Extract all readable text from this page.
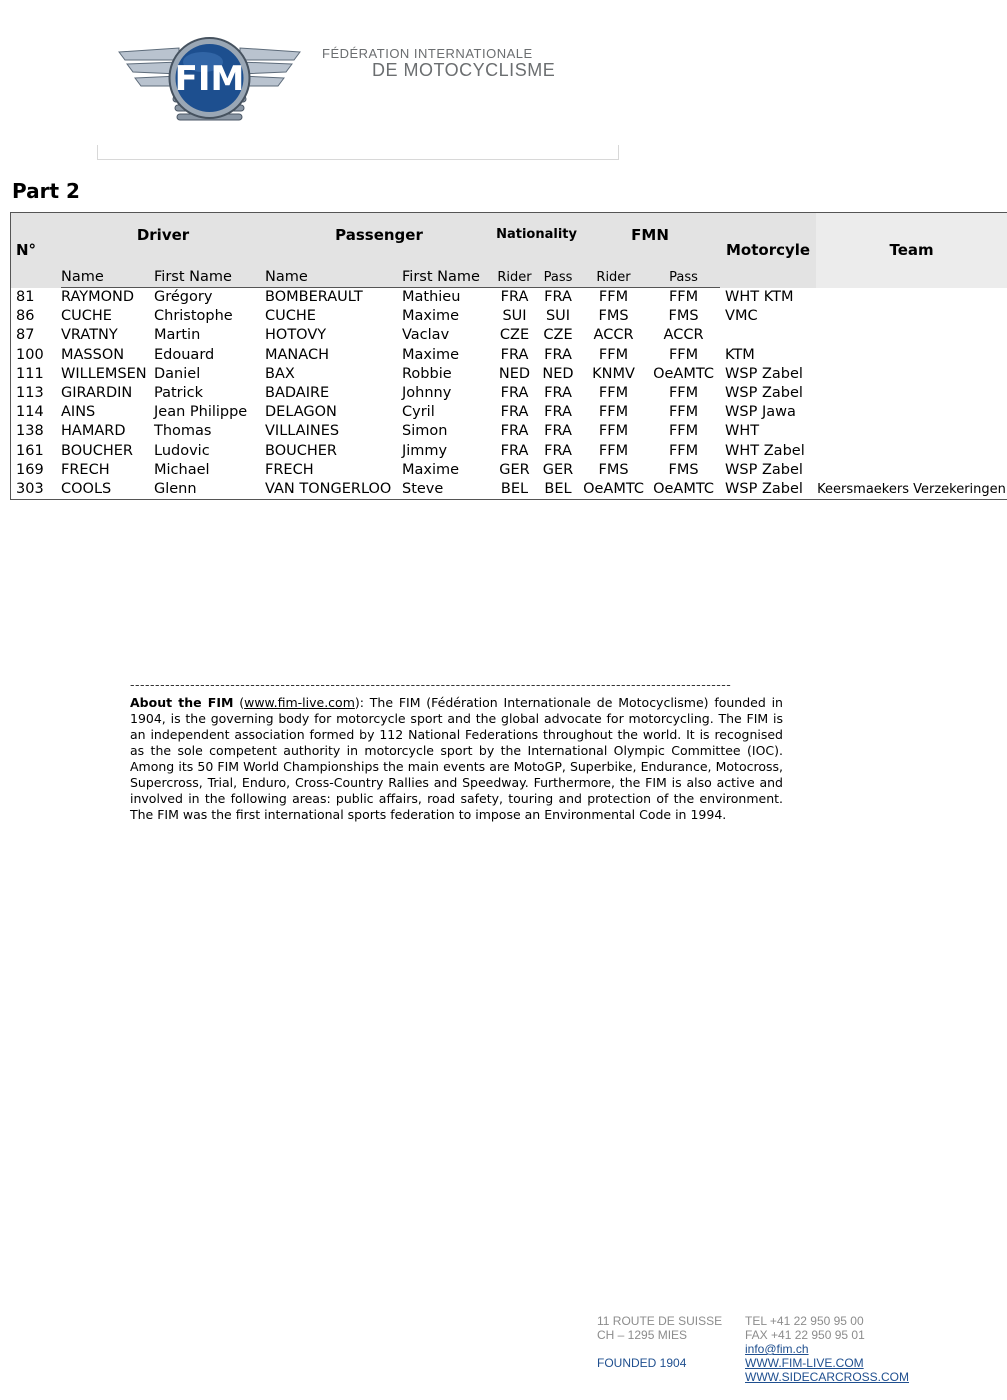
FIM
FÉDÉRATION INTERNATIONALE
DE MOTOCYCLISME
Part 2
N°	Driver		Passenger		Nationality		FMN		Motorcyle	Team
	Name	First Name	Name	First Name	Rider	Pass	Rider	Pass		
81	RAYMOND	Grégory	BOMBERAULT	Mathieu	FRA	FRA	FFM	FFM	WHT KTM	
86	CUCHE	Christophe	CUCHE	Maxime	SUI	SUI	FMS	FMS	VMC	
87	VRATNY	Martin	HOTOVY	Vaclav	CZE	CZE	ACCR	ACCR		
100	MASSON	Edouard	MANACH	Maxime	FRA	FRA	FFM	FFM	KTM	
111	WILLEMSEN	Daniel	BAX	Robbie	NED	NED	KNMV	OeAMTC	WSP Zabel	
113	GIRARDIN	Patrick	BADAIRE	Johnny	FRA	FRA	FFM	FFM	WSP Zabel	
114	AINS	Jean Philippe	DELAGON	Cyril	FRA	FRA	FFM	FFM	WSP Jawa	
138	HAMARD	Thomas	VILLAINES	Simon	FRA	FRA	FFM	FFM	WHT	
161	BOUCHER	Ludovic	BOUCHER	Jimmy	FRA	FRA	FFM	FFM	WHT Zabel	
169	FRECH	Michael	FRECH	Maxime	GER	GER	FMS	FMS	WSP Zabel	
303	COOLS	Glenn	VAN TONGERLOO	Steve	BEL	BEL	OeAMTC	OeAMTC	WSP Zabel	Keersmaekers Verzekeringen
------------------------------------------------------------------------------------------------------------------------

About the FIM (www.fim-live.com): The FIM (Fédération Internationale de Motocyclisme) founded in 1904, is the governing body for motorcycle sport and the global advocate for motorcycling. The FIM is an independent association formed by 112 National Federations throughout the world. It is recognised as the sole competent authority in motorcycle sport by the International Olympic Committee (IOC). Among its 50 FIM World Championships the main events are MotoGP, Superbike, Endurance, Motocross, Supercross, Trial, Enduro, Cross-Country Rallies and Speedway. Furthermore, the FIM is also active and involved in the following areas: public affairs, road safety, touring and protection of the environment. The FIM was the first international sports federation to impose an Environmental Code in 1994.

11 ROUTE DE SUISSE
CH – 1295 MIES
FOUNDED 1904
TEL +41 22 950 95 00
FAX +41 22 950 95 01
info@fim.ch
WWW.FIM-LIVE.COM
WWW.SIDECARCROSS.COM
